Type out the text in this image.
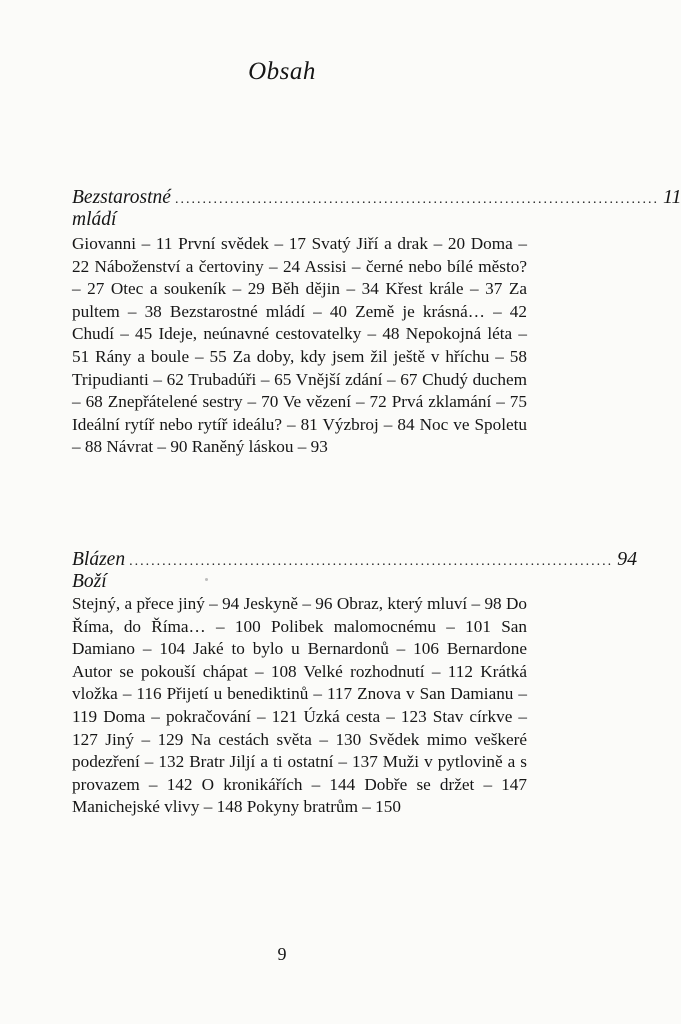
Obsah
Bezstarostné mládí
........................................................................................ 11

Giovanni – 11 První svědek – 17 Svatý Jiří a drak – 20 Doma – 22 Náboženství a čertoviny – 24 Assisi – černé nebo bílé město? – 27 Otec a soukeník – 29 Běh dějin – 34 Křest krále – 37 Za pultem – 38 Bezstarostné mládí – 40 Země je krásná… – 42 Chudí – 45 Ideje, neúnavné cestovatelky – 48 Nepokojná léta – 51 Rány a boule – 55 Za doby, kdy jsem žil ještě v hříchu – 58 Tripudianti – 62 Trubadúři – 65 Vnější zdání – 67 Chudý duchem – 68 Znepřátelené sestry – 70 Ve vězení – 72 Prvá zklamání – 75 Ideální rytíř nebo rytíř ideálu? – 81 Výzbroj – 84 Noc ve Spoletu – 88 Návrat – 90 Raněný láskou – 93

Blázen Boží
........................................................................................ 94

Stejný, a přece jiný – 94 Jeskyně – 96 Obraz, který mluví – 98 Do Říma, do Říma… – 100 Polibek malomocnému – 101 San Damiano – 104 Jaké to bylo u Bernardonů – 106 Bernardone Autor se pokouší chápat – 108 Velké rozhodnutí – 112 Krátká vložka – 116 Přijetí u benediktinů – 117 Znova v San Damianu – 119 Doma – pokračování – 121 Úzká cesta – 123 Stav církve – 127 Jiný – 129 Na cestách světa – 130 Svědek mimo veškeré podezření – 132 Bratr Jiljí a ti ostatní – 137 Muži v pytlovině a s provazem – 142 O kronikářích – 144 Dobře se držet – 147 Manichejské vlivy – 148 Pokyny bratrům – 150

9
